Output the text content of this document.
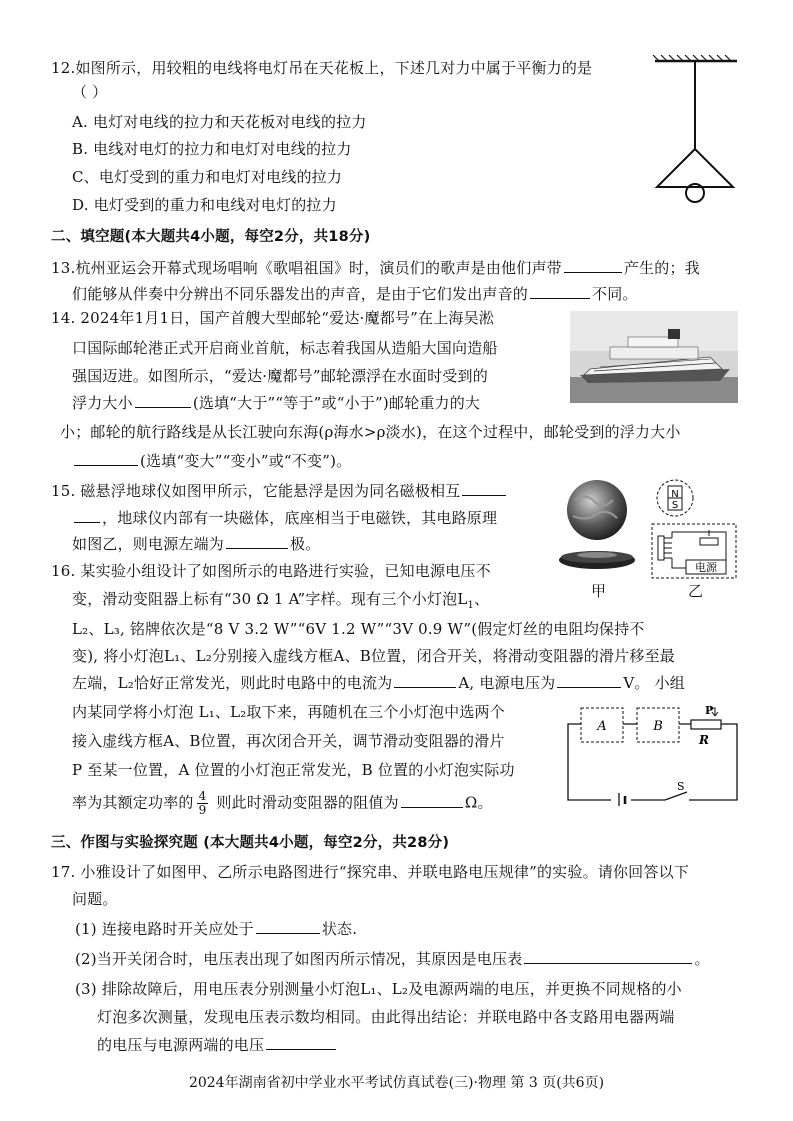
12.如图所示，用较粗的电线将电灯吊在天花板上，下述几对力中属于平衡力的是
（ ）
A. 电灯对电线的拉力和天花板对电线的拉力
B. 电线对电灯的拉力和电灯对电线的拉力
C、电灯受到的重力和电灯对电线的拉力
D. 电灯受到的重力和电线对电灯的拉力
二、填空题(本大题共4小题，每空2分，共18分)
13.杭州亚运会开幕式现场唱响《歌唱祖国》时，演员们的歌声是由他们声带	产生的；我
们能够从伴奏中分辨出不同乐器发出的声音，是由于它们发出声音的	不同。
14. 2024年1月1日，国产首艘大型邮轮“爱达·魔都号”在上海吴淞
口国际邮轮港正式开启商业首航，标志着我国从造船大国向造船
强国迈进。如图所示，“爱达·魔都号”邮轮漂浮在水面时受到的
浮力大小	(选填“大于”“等于”或“小于”)邮轮重力的大
小；邮轮的航行路线是从长江驶向东海(ρ海水>ρ淡水)，在这个过程中，邮轮受到的浮力大小
(选填“变大”“变小”或“不变”)。
15. 磁悬浮地球仪如图甲所示，它能悬浮是因为同名磁极相互
，地球仪内部有一块磁体，底座相当于电磁铁，其电路原理
如图乙，则电源左端为	极。
甲
N
S
电源
乙
16. 某实验小组设计了如图所示的电路进行实验，已知电源电压不
变，滑动变阻器上标有“30 Ω 1 A”字样。现有三个小灯泡$L_1$、
L₂、L₃, 铭牌依次是“8 V 3.2 W”“6V 1.2 W”“3V 0.9 W”(假定灯丝的电阻均保持不
变), 将小灯泡L₁、L₂分别接入虚线方框A、B位置，闭合开关，将滑动变阻器的滑片移至最
左端，L₂恰好正常发光，则此时电路中的电流为	A, 电源电压为	V。 小组
内某同学将小灯泡 L₁、L₂取下来，再随机在三个小灯泡中选两个
接入虚线方框A、B位置，再次闭合开关，调节滑动变阻器的滑片
P 至某一位置，A 位置的小灯泡正常发光，B 位置的小灯泡实际功
率为其额定功率的 $\frac{4}{9}$ 则此时滑动变阻器的阻值为	Ω。
A	B
P
R
S
三、作图与实验探究题 (本大题共4小题，每空2分，共28分)
17. 小雅设计了如图甲、乙所示电路图进行“探究串、并联电路电压规律”的实验。请你回答以下
问题。
(1) 连接电路时开关应处于	状态.
(2)当开关闭合时，电压表出现了如图丙所示情况，其原因是电压表	。
(3) 排除故障后，用电压表分别测量小灯泡L₁、L₂及电源两端的电压，并更换不同规格的小
灯泡多次测量，发现电压表示数均相同。由此得出结论：并联电路中各支路用电器两端
的电压与电源两端的电压
2024年湖南省初中学业水平考试仿真试卷(三)·物理 第 3 页(共6页)
